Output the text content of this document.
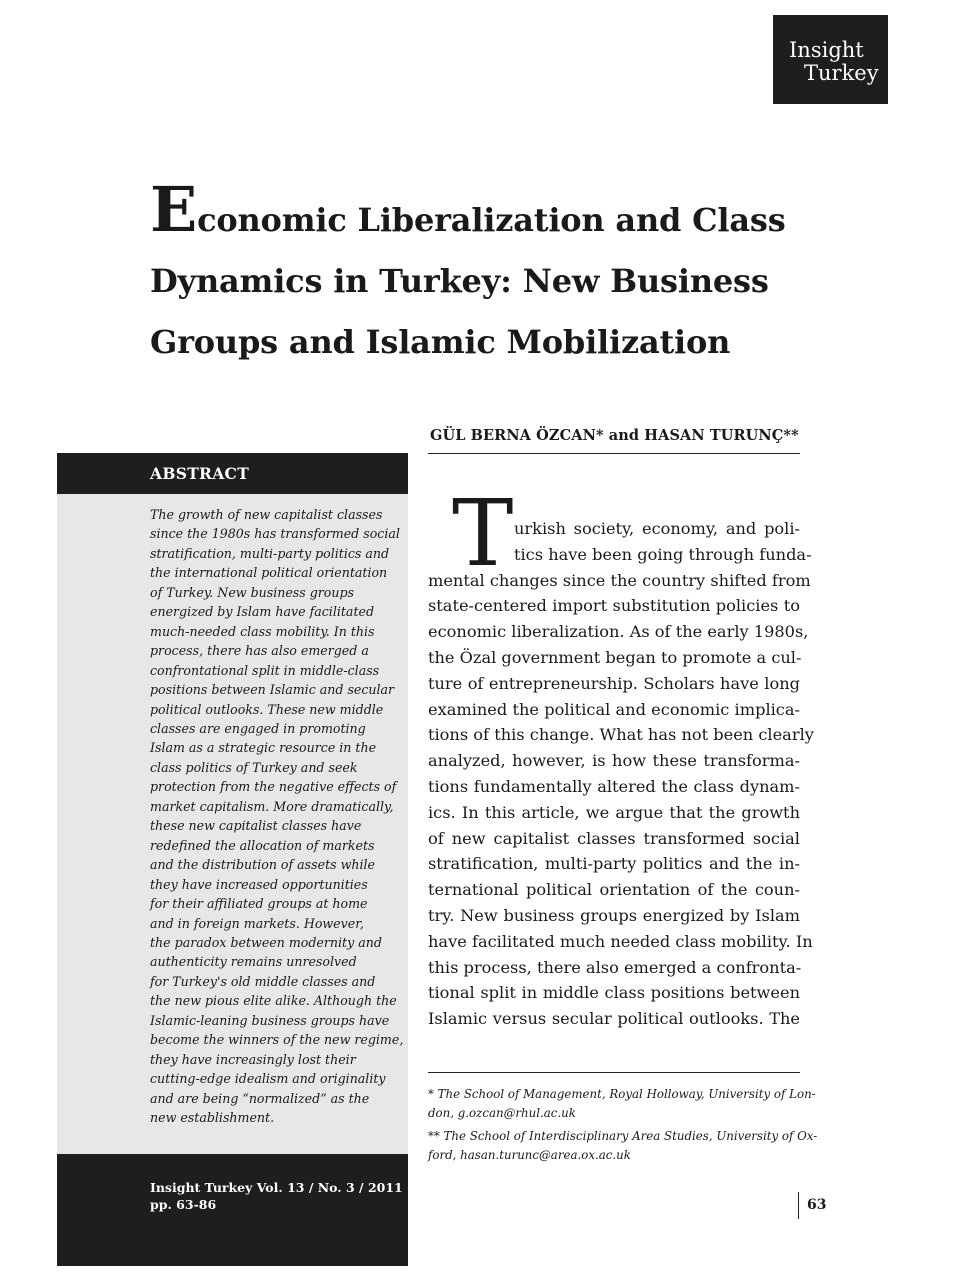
Insight
Turkey
Economic Liberalization and Class
Dynamics in Turkey: New Business
Groups and Islamic Mobilization
GÜL BERNA ÖZCAN* and HASAN TURUNÇ**
ABSTRACT
The growth of new capitalist classes
since the 1980s has transformed social
stratification, multi-party politics and
the international political orientation
of Turkey. New business groups
energized by Islam have facilitated
much-needed class mobility. In this
process, there has also emerged a
confrontational split in middle-class
positions between Islamic and secular
political outlooks. These new middle
classes are engaged in promoting
Islam as a strategic resource in the
class politics of Turkey and seek
protection from the negative effects of
market capitalism. More dramatically,
these new capitalist classes have
redefined the allocation of markets
and the distribution of assets while
they have increased opportunities
for their affiliated groups at home
and in foreign markets. However,
the paradox between modernity and
authenticity remains unresolved
for Turkey's old middle classes and
the new pious elite alike. Although the
Islamic-leaning business groups have
become the winners of the new regime,
they have increasingly lost their
cutting-edge idealism and originality
and are being “normalized” as the
new establishment.
Insight Turkey Vol. 13 / No. 3 / 2011
pp. 63-86
T urkish society, economy, and poli-
tics have been going through funda-
mental changes since the country shifted from
state-centered import substitution policies to
economic liberalization. As of the early 1980s,
the Özal government began to promote a cul-
ture of entrepreneurship. Scholars have long
examined the political and economic implica-
tions of this change. What has not been clearly
analyzed, however, is how these transforma-
tions fundamentally altered the class dynam-
ics. In this article, we argue that the growth
of new capitalist classes transformed social
stratification, multi-party politics and the in-
ternational political orientation of the coun-
try. New business groups energized by Islam
have facilitated much needed class mobility. In
this process, there also emerged a confronta-
tional split in middle class positions between
Islamic versus secular political outlooks. The
* The School of Management, Royal Holloway, University of Lon-
don, g.ozcan@rhul.ac.uk
** The School of Interdisciplinary Area Studies, University of Ox-
ford, hasan.turunc@area.ox.ac.uk
63
